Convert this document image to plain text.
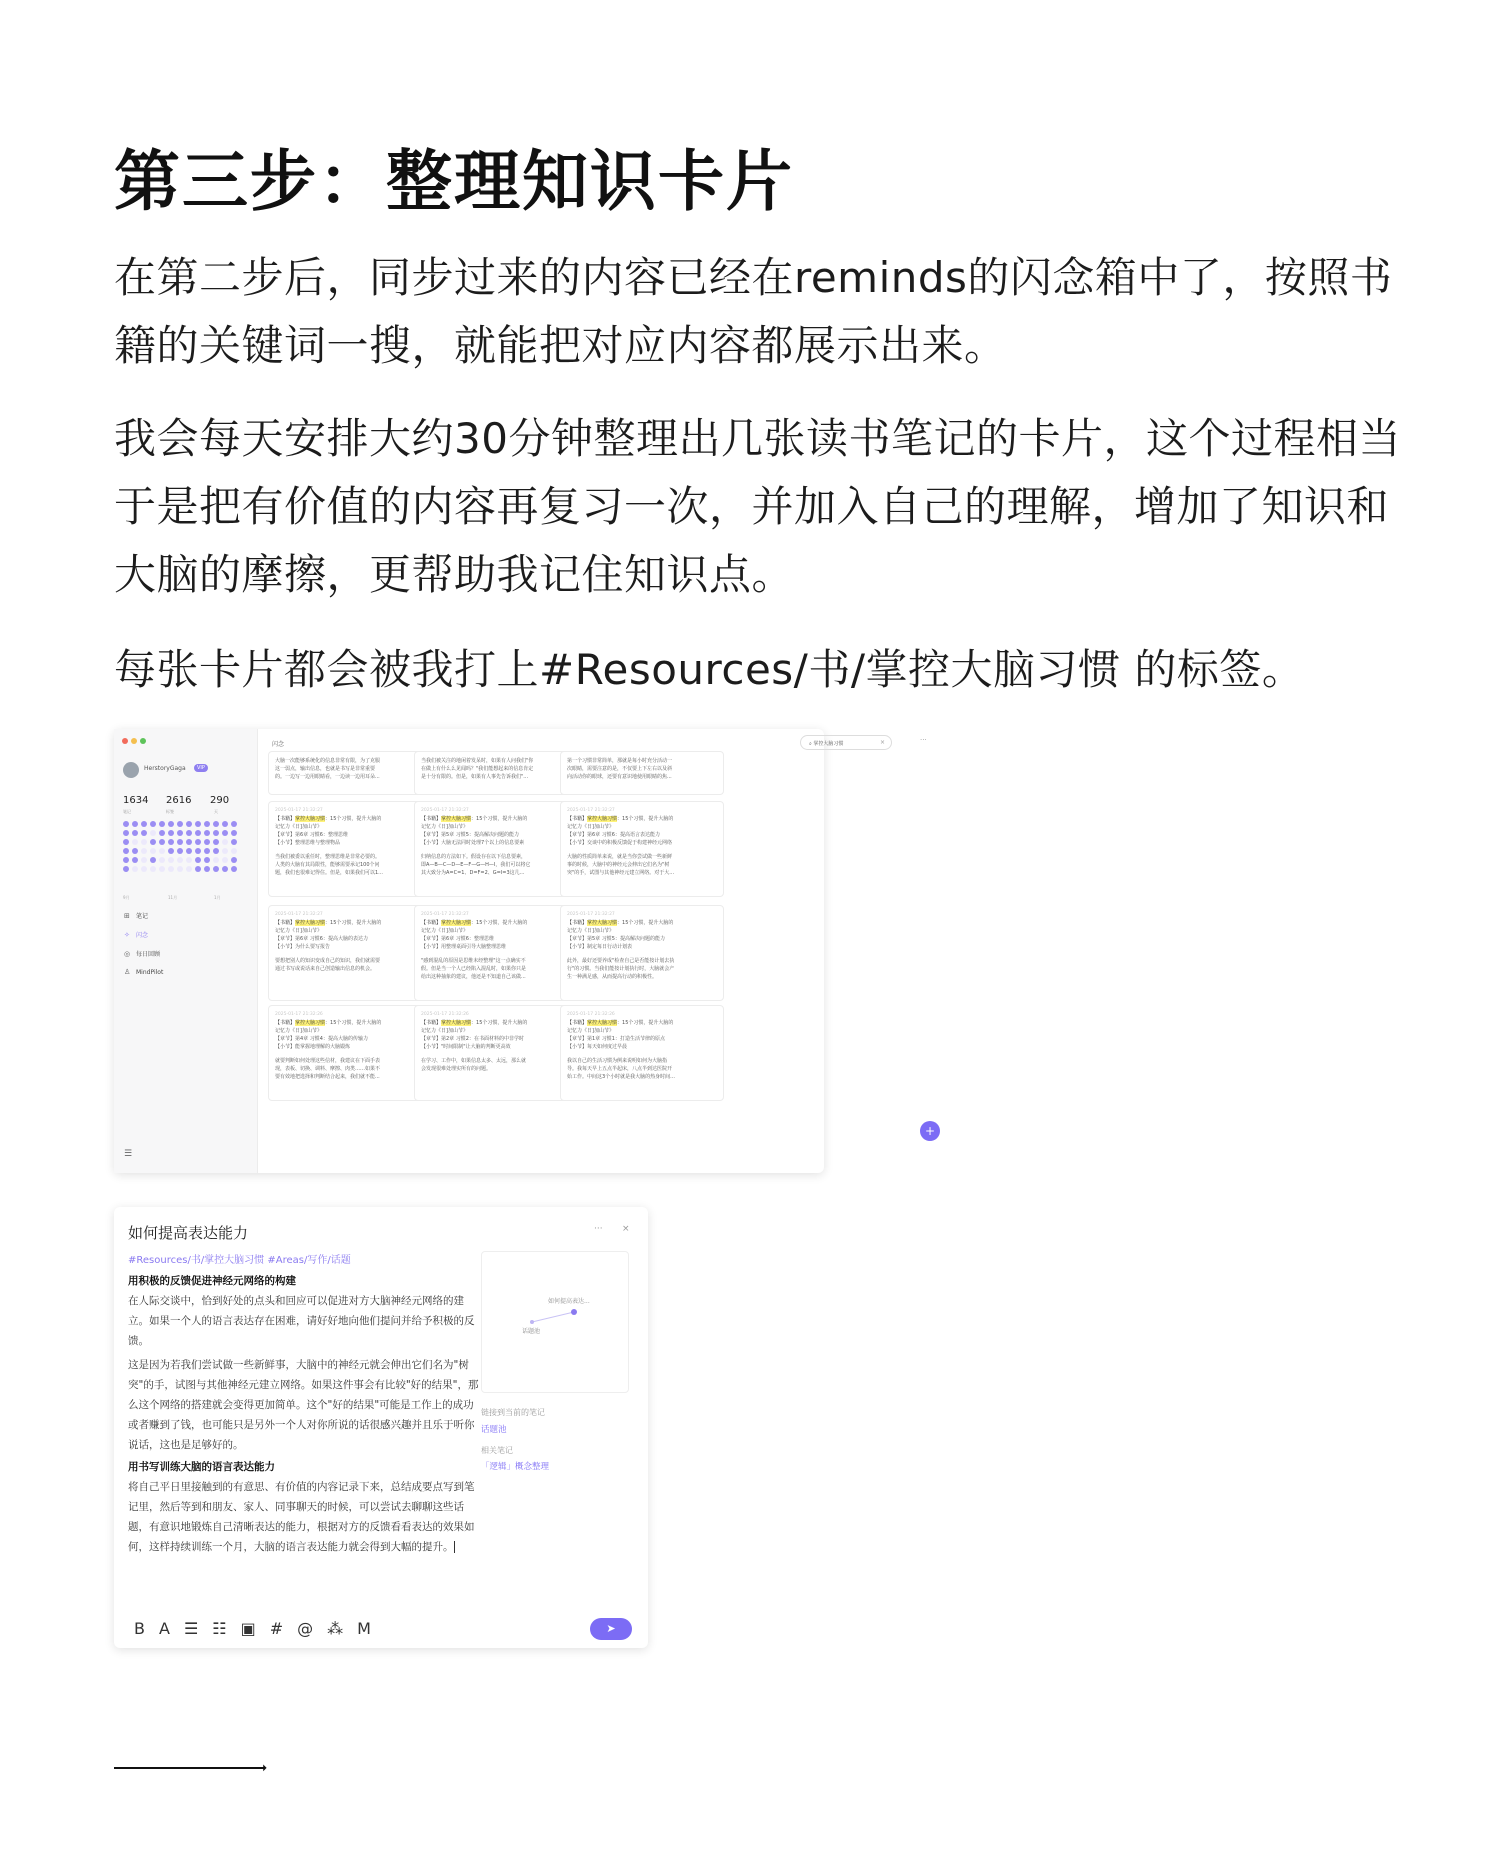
第三步：整理知识卡片

在第二步后，同步过来的内容已经在reminds的闪念箱中了，按照书籍的关键词一搜，就能把对应内容都展示出来。

我会每天安排大约30分钟整理出几张读书笔记的卡片，这个过程相当于是把有价值的内容再复习一次，并加入自己的理解，增加了知识和大脑的摩擦，更帮助我记住知识点。

每张卡片都会被我打上#Resources/书/掌控大脑习惯 的标签。

HerstoryGaga	VIP
1634
笔记
2616
标签
290
天
9月	11月	1月
⊞ 笔记
✧ 闪念
◎ 每日回顾
♙ MindPilot
☰
闪念	⌕ 掌控大脑习惯	×	···
大脑一次能够系统化的信息非常有限，为了克服
这一弱点，输出信息，也就是书写是非常重要
的。一边写一边用眼睛看，一边读一边用耳朵...
当我们被关注的地闲着发呆时，如果有人问我们"你
在做上有什么么见闻吗？"我们能想起来的信息肯定
是十分有限的。但是，如果有人事先告诉我们"...
第一个习惯非常简单，那就是每小时充分活动一
次眼睛，需要注意的是，不仅要上下左右以及斜
向活动你的眼球，还要有意识地使用眼睛的焦...
2025-01-17 21:32:27
【书籍】掌控大脑习惯：15个习惯，提升大脑的
记忆力《日]加山节》
【章节】第6章 习惯6：整理思维
【小节】整理思维与整理物品
当我们被委以重任时，整理思维是非常必要的。
人类的大脑有其局限性，能够需要承记100个问
题，我们也很难记得住。但是，如果我们可以1...
2025-01-17 21:32:27
【书籍】掌控大脑习惯：15个习惯，提升大脑的
记忆力《日]加山节》
【章节】第5章 习惯5：提高解决问题的能力
【小节】大脑无法同时处理7个以上的信息要素
归纳信息的方法如下。假设存在以下信息要素，
即A—B—C—D—E—F—G—H—I，我们可以将它
其大致分为A=C=1、D=F=2、G=I=3这几...
2025-01-17 21:32:27
【书籍】掌控大脑习惯：15个习惯，提升大脑的
记忆力《日]加山节》
【章节】第6章 习惯6：提高语言表达能力
【小节】交谈中的积极反馈促于构建神经元网络
大脑的性质简单来说，就是当你尝试做一些新鲜
事的时候，大脑中的神经元会伸出它们名为"树
突"的手，试图与其他神经元建立网络。对于大...
2025-01-17 21:32:27
【书籍】掌控大脑习惯：15个习惯，提升大脑的
记忆力《日]加山节》
【章节】第6章 习惯6：提高大脑的表达力
【小节】为什么要写报告
要想把别人的知识变成自己的知识，我们就需要
通过书写或说话来自己创造输出信息的机会。
2025-01-17 21:32:27
【书籍】掌控大脑习惯：15个习惯，提升大脑的
记忆力《日]加山节》
【章节】第6章 习惯6：整理思维
【小节】用整理桌面引导大脑整理思维
"感到混乱的原因是思维未经整理"这一点确实不
假。但是当一个人已经陷入混乱时，如果你只是
给出这种抽象的建议，他还是不知道自己该做...
2025-01-17 21:32:27
【书籍】掌控大脑习惯：15个习惯，提升大脑的
记忆力《日]加山节》
【章节】第5章 习惯5：提高解决问题的能力
【小节】制定每日行动计划表
此外，最好还要养成"检查自己是否能按计划去执
行"的习惯。当我们能按计划执行时，大脑就会产
生一种满足感，从而提高行动的积极性。
2025-01-17 21:32:26
【书籍】掌控大脑习惯：15个习惯，提升大脑的
记忆力《日]加山节》
【章节】第4章 习惯4：提高大脑的传输力
【小节】能掌握地理解的大脑锻炼
就要判断如何处理这些信材，我建议在下面手表
现，表板、切换、调料、摩擦、肉类……如果不
要有效地把选择和判断结合起来，我们就不能...
2025-01-17 21:32:26
【书籍】掌控大脑习惯：15个习惯，提升大脑的
记忆力《日]加山节》
【章节】第2章 习惯2：在书面材料的中非学时
【小节】"时间限制"让大脑的判断更高效
在学习、工作中，如果信息太多、太远，那么就
会发现很难处理实所有的问题。
2025-01-17 21:32:26
【书籍】掌控大脑习惯：15个习惯，提升大脑的
记忆力《日]加山节》
【章节】第1章 习惯1：打造生活节律的原点
【小节】每天如何度过早晨
我以自己的生活习惯为例来说明如何为大脑指
导。我每天早上五点半起床，八点半到达医院开
始工作。中间这3个小时就是我大脑的热身时间...
+
如何提高表达能力	··· ×
#Resources/书/掌控大脑习惯 #Areas/写作/话题
用积极的反馈促进神经元网络的构建
在人际交谈中，恰到好处的点头和回应可以促进对方大脑神经元网络的建立。如果一个人的语言表达存在困难，请好好地向他们提问并给予积极的反馈。
这是因为若我们尝试做一些新鲜事，大脑中的神经元就会伸出它们名为"树突"的手，试图与其他神经元建立网络。如果这件事会有比较"好的结果"，那么这个网络的搭建就会变得更加简单。这个"好的结果"可能是工作上的成功或者赚到了钱，也可能只是另外一个人对你所说的话很感兴趣并且乐于听你说话，这也是足够好的。
用书写训练大脑的语言表达能力
将自己平日里接触到的有意思、有价值的内容记录下来，总结成要点写到笔记里，然后等到和朋友、家人、同事聊天的时候，可以尝试去聊聊这些话题，有意识地锻炼自己清晰表达的能力，根据对方的反馈看看表达的效果如何，这样持续训练一个月，大脑的语言表达能力就会得到大幅的提升。
如何提高表达...
话题池
链接到当前的笔记
话题池
相关笔记
「逻辑」概念整理
B A ☰ ☷ ▣ # @ ⁂ M	➤
➝
